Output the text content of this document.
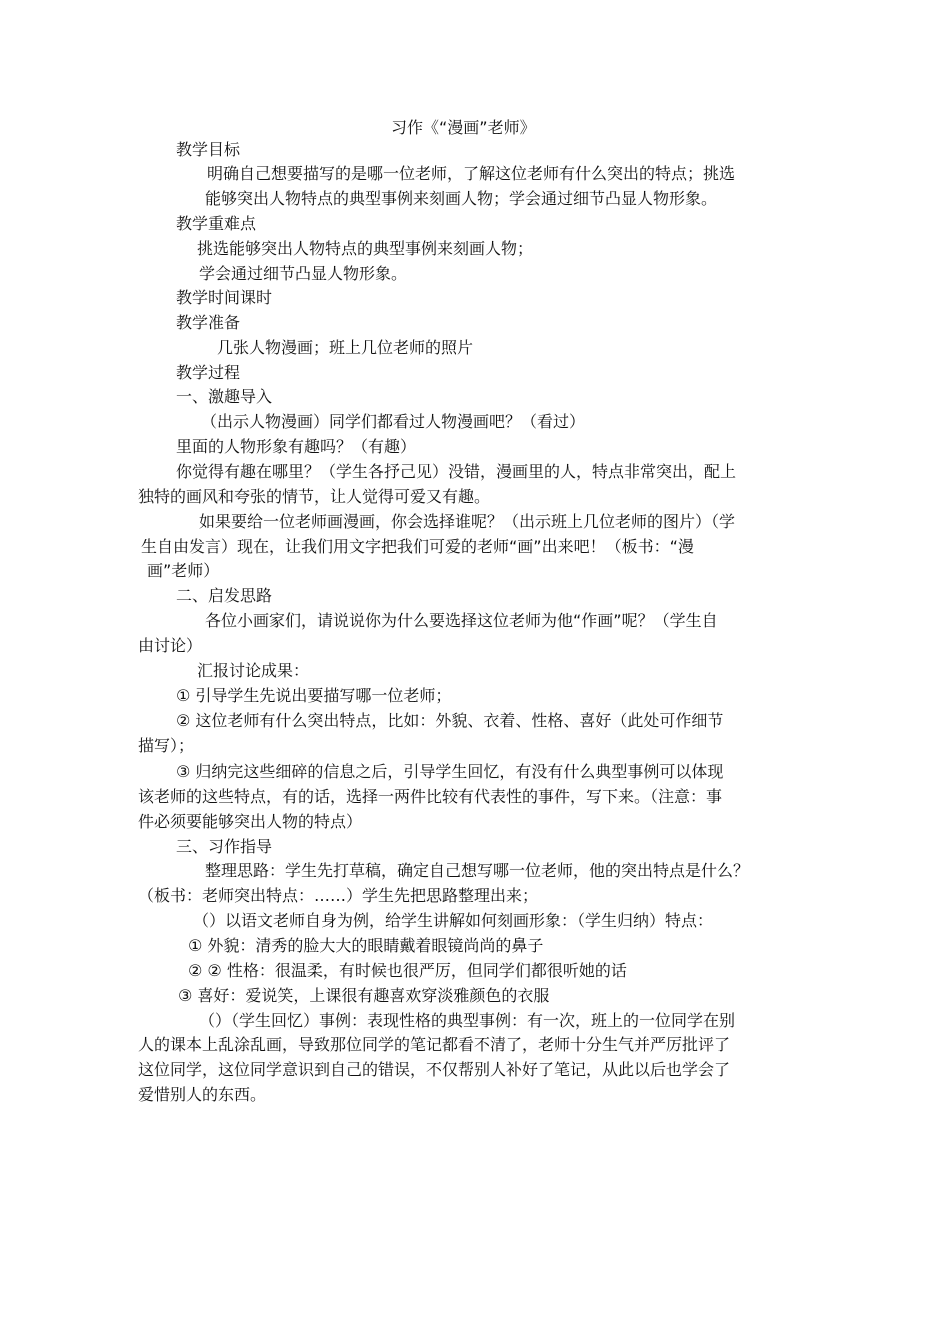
习作《“漫画”老师》
教学目标
明确自己想要描写的是哪一位老师，了解这位老师有什么突出的特点；挑选
能够突出人物特点的典型事例来刻画人物；学会通过细节凸显人物形象。
教学重难点
挑选能够突出人物特点的典型事例来刻画人物；
学会通过细节凸显人物形象。
教学时间课时
教学准备
几张人物漫画；班上几位老师的照片
教学过程
一、激趣导入
（出示人物漫画）同学们都看过人物漫画吧？（看过）
里面的人物形象有趣吗？（有趣）
你觉得有趣在哪里？（学生各抒己见）没错，漫画里的人，特点非常突出，配上
独特的画风和夸张的情节，让人觉得可爱又有趣。
如果要给一位老师画漫画，你会选择谁呢？（出示班上几位老师的图片）（学
生自由发言）现在，让我们用文字把我们可爱的老师“画”出来吧！（板书：“漫
画”老师）
二、启发思路
各位小画家们，请说说你为什么要选择这位老师为他“作画”呢？（学生自
由讨论）
汇报讨论成果：
① 引导学生先说出要描写哪一位老师；
② 这位老师有什么突出特点，比如：外貌、衣着、性格、喜好（此处可作细节
描写）；
③ 归纳完这些细碎的信息之后，引导学生回忆，有没有什么典型事例可以体现
该老师的这些特点，有的话，选择一两件比较有代表性的事件，写下来。（注意：事
件必须要能够突出人物的特点）
三、习作指导
整理思路：学生先打草稿，确定自己想写哪一位老师，他的突出特点是什么？
（板书：老师突出特点：……）学生先把思路整理出来；
（）以语文老师自身为例，给学生讲解如何刻画形象：（学生归纳）特点：
① 外貌：清秀的脸大大的眼睛戴着眼镜尚尚的鼻子
② ② 性格：很温柔，有时候也很严厉，但同学们都很听她的话
③ 喜好：爱说笑，上课很有趣喜欢穿淡雅颜色的衣服
（）（学生回忆）事例：表现性格的典型事例：有一次，班上的一位同学在别
人的课本上乱涂乱画，导致那位同学的笔记都看不清了，老师十分生气并严厉批评了
这位同学，这位同学意识到自己的错误，不仅帮别人补好了笔记，从此以后也学会了
爱惜别人的东西。
